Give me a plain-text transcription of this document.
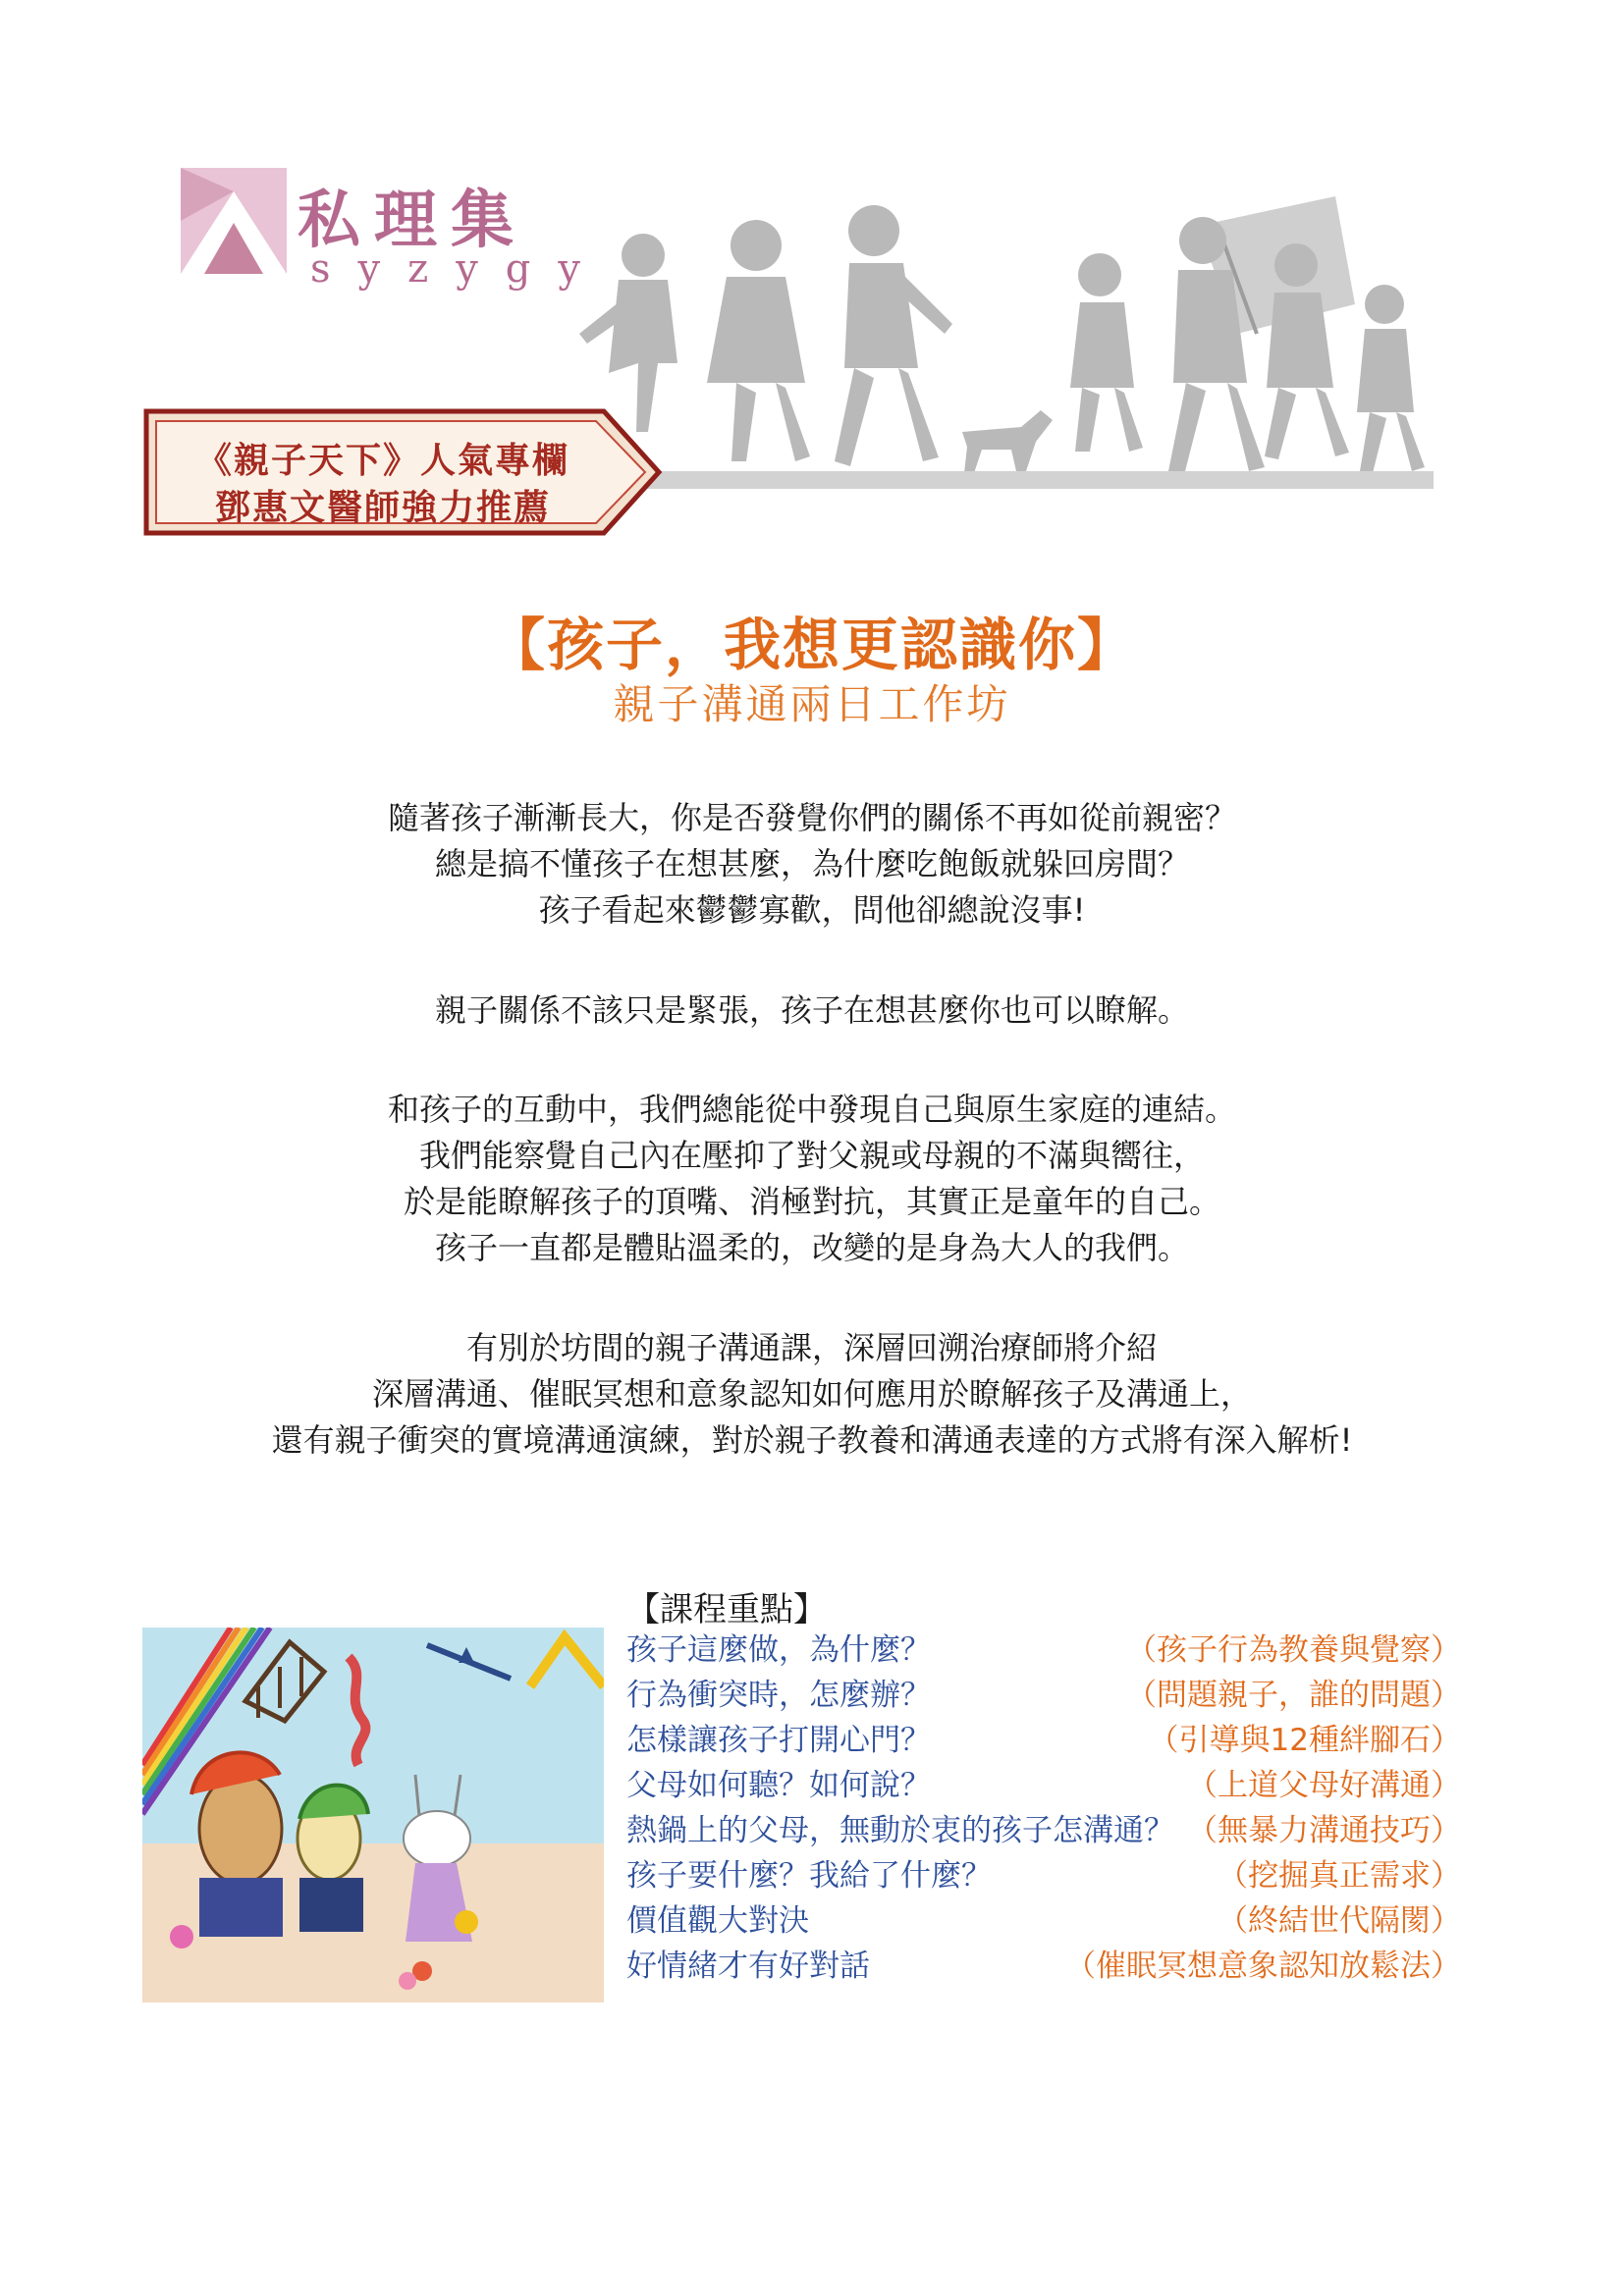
私理集
syzygy
《親子天下》人氣專欄
鄧惠文醫師強力推薦
【孩子，我想更認識你】
親子溝通兩日工作坊
隨著孩子漸漸長大，你是否發覺你們的關係不再如從前親密？
總是搞不懂孩子在想甚麼，為什麼吃飽飯就躲回房間？
孩子看起來鬱鬱寡歡，問他卻總說沒事!
親子關係不該只是緊張，孩子在想甚麼你也可以瞭解。
和孩子的互動中，我們總能從中發現自己與原生家庭的連結。
我們能察覺自己內在壓抑了對父親或母親的不滿與嚮往，
於是能瞭解孩子的頂嘴、消極對抗，其實正是童年的自己。
孩子一直都是體貼溫柔的，改變的是身為大人的我們。
有別於坊間的親子溝通課，深層回溯治療師將介紹
深層溝通、催眠冥想和意象認知如何應用於瞭解孩子及溝通上，
還有親子衝突的實境溝通演練，對於親子教養和溝通表達的方式將有深入解析!
【課程重點】
孩子這麼做，為什麼？	（孩子行為教養與覺察）
行為衝突時，怎麼辦？	（問題親子，誰的問題）
怎樣讓孩子打開心門？	（引導與12種絆腳石）
父母如何聽？如何說？	（上道父母好溝通）
熱鍋上的父母，無動於衷的孩子怎溝通？ （無暴力溝通技巧）
孩子要什麼？我給了什麼？	（挖掘真正需求）
價值觀大對決	（終結世代隔閡）
好情緒才有好對話	（催眠冥想意象認知放鬆法）
